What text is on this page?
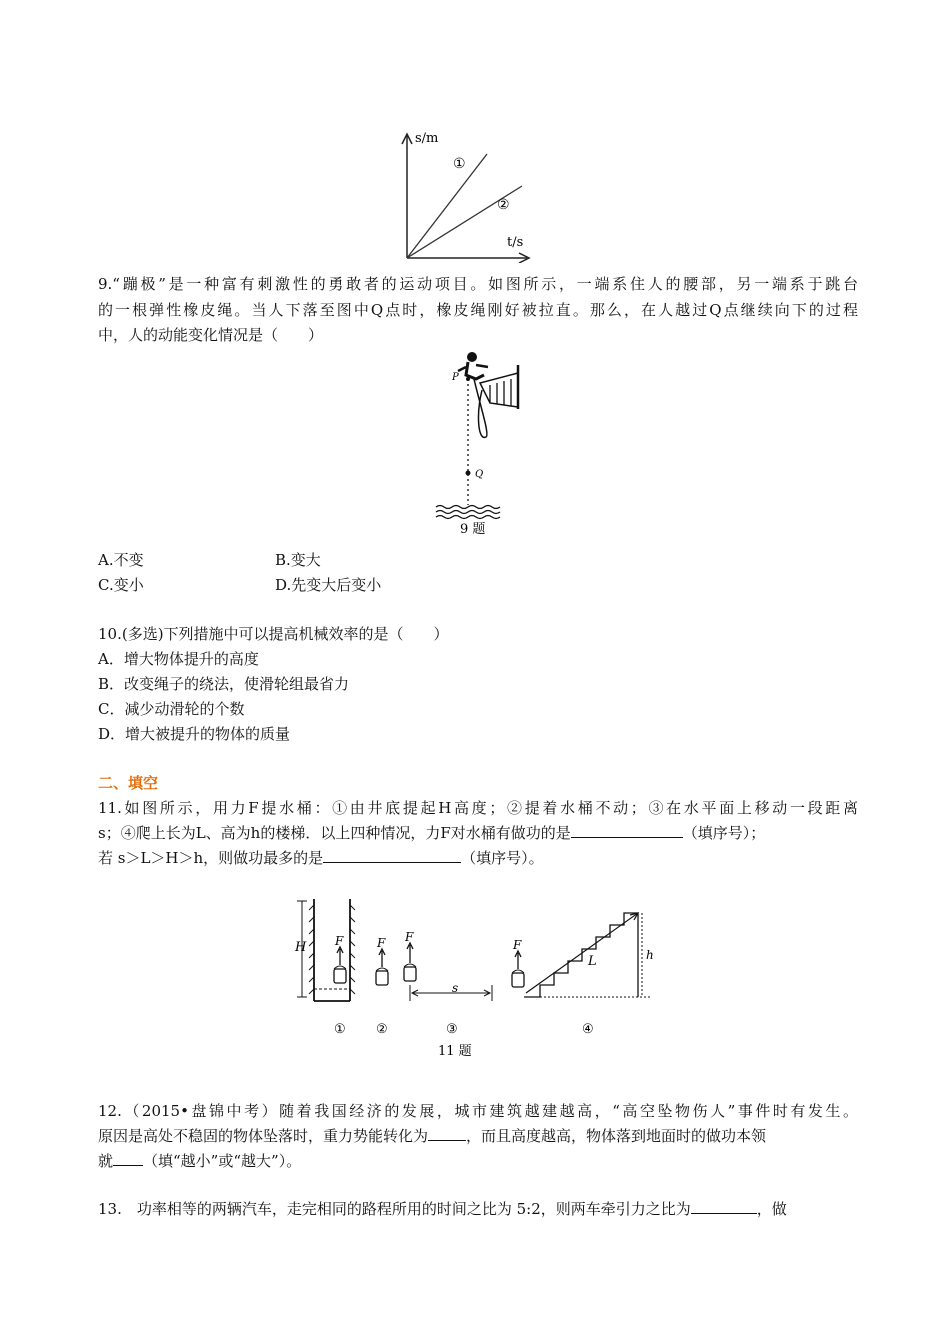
s/m
t/s
①
②
9.“蹦极”是一种富有刺激性的勇敢者的运动项目。如图所示，一端系住人的腰部，另一端系于跳台
的一根弹性橡皮绳。当人下落至图中Q点时，橡皮绳刚好被拉直。那么，在人越过Q点继续向下的过程
中，人的动能变化情况是（　　）
P
Q
9 题
A.不变	B.变大
C.变小	D.先变大后变小
10.(多选)下列措施中可以提高机械效率的是（　　）
A．增大物体提升的高度
B．改变绳子的绕法，使滑轮组最省力
C．减少动滑轮的个数
D．增大被提升的物体的质量
二、填空
11.如图所示，用力F提水桶：①由井底提起H高度；②提着水桶不动；③在水平面上移动一段距离
s；④爬上长为L、高为h的楼梯．以上四种情况，力F对水桶有做功的是	（填序号）；
若 s＞L＞H＞h，则做功最多的是	（填序号）。
H F	F F
s
L	h
F
① ②	③	④
11 题
12.（2015•盘锦中考）随着我国经济的发展，城市建筑越建越高，“高空坠物伤人”事件时有发生。
原因是高处不稳固的物体坠落时，重力势能转化为	，而且高度越高，物体落到地面时的做功本领
就 （填“越小”或“越大”）。
13.　功率相等的两辆汽车，走完相同的路程所用的时间之比为 5:2，则两车牵引力之比为	，做
